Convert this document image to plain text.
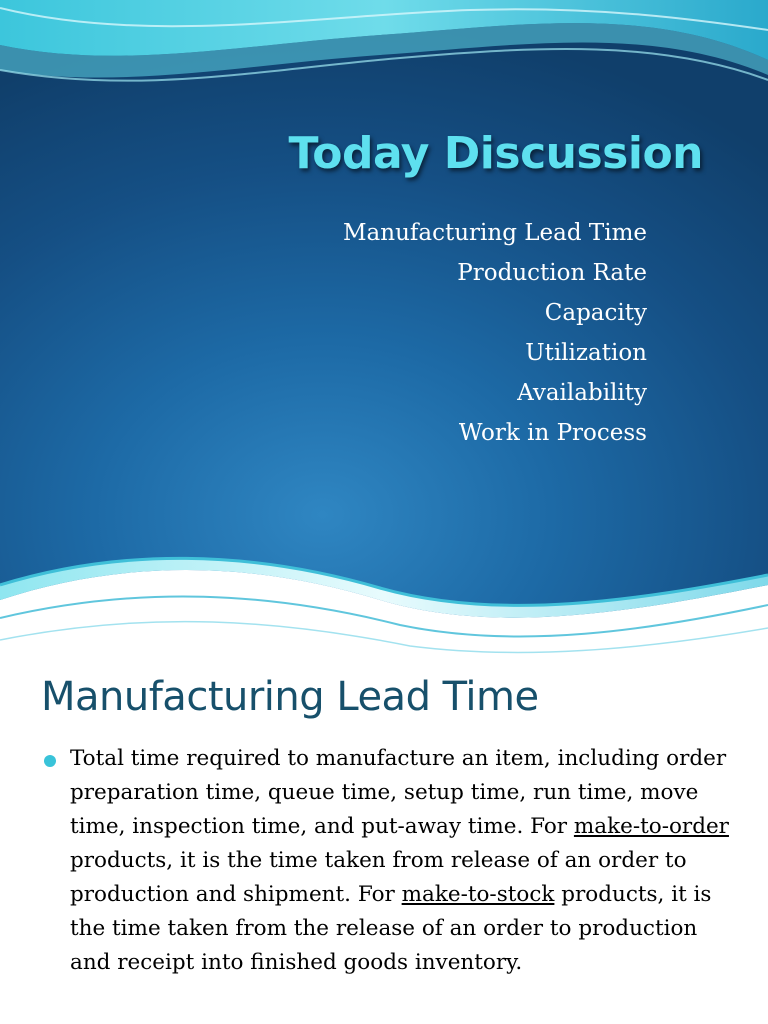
Today Discussion
Manufacturing Lead Time
Production Rate
Capacity
Utilization
Availability
Work in Process
Manufacturing Lead Time

Total time required to manufacture an item, including order preparation time, queue time, setup time, run time, move time, inspection time, and put-away time. For make-to-order products, it is the time taken from release of an order to production and shipment. For make-to-stock products, it is the time taken from the release of an order to production and receipt into finished goods inventory.
